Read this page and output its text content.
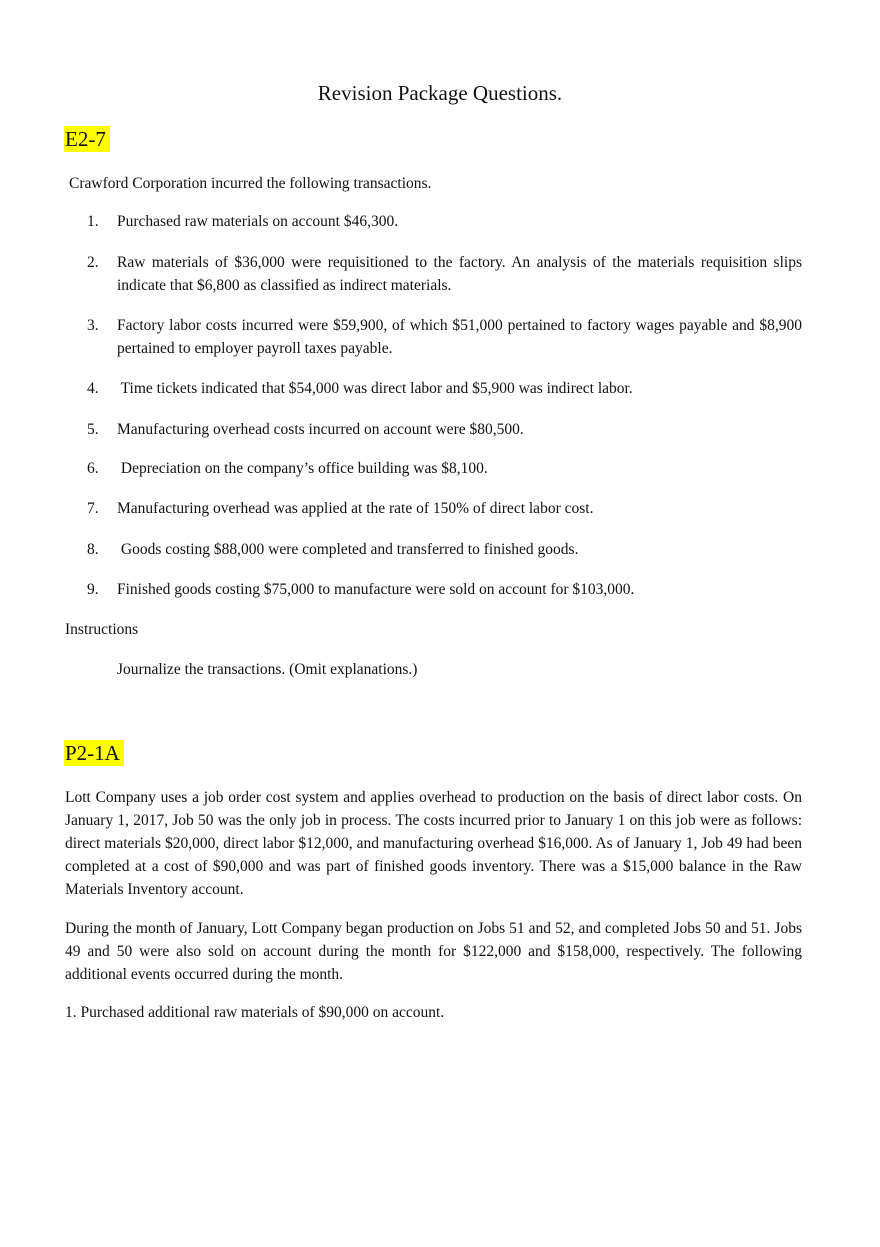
Revision Package Questions.
E2-7
Crawford Corporation incurred the following transactions.
1.	Purchased raw materials on account $46,300.
2.	Raw materials of $36,000 were requisitioned to the factory. An analysis of the materials requisition slips indicate that $6,800 as classified as indirect materials.
3.	Factory labor costs incurred were $59,900, of which $51,000 pertained to factory wages payable and $8,900 pertained to employer payroll taxes payable.
4.	Time tickets indicated that $54,000 was direct labor and $5,900 was indirect labor.
5.	Manufacturing overhead costs incurred on account were $80,500.
6.	Depreciation on the company’s office building was $8,100.
7.	Manufacturing overhead was applied at the rate of 150% of direct labor cost.
8.	Goods costing $88,000 were completed and transferred to finished goods.
9.	Finished goods costing $75,000 to manufacture were sold on account for $103,000.
Instructions
Journalize the transactions. (Omit explanations.)
P2-1A
Lott Company uses a job order cost system and applies overhead to production on the basis of direct labor costs. On January 1, 2017, Job 50 was the only job in process. The costs incurred prior to January 1 on this job were as follows: direct materials $20,000, direct labor $12,000, and manufacturing overhead $16,000. As of January 1, Job 49 had been completed at a cost of $90,000 and was part of finished goods inventory. There was a $15,000 balance in the Raw Materials Inventory account.
During the month of January, Lott Company began production on Jobs 51 and 52, and completed Jobs 50 and 51. Jobs 49 and 50 were also sold on account during the month for $122,000 and $158,000, respectively. The following additional events occurred during the month.
1. Purchased additional raw materials of $90,000 on account.
